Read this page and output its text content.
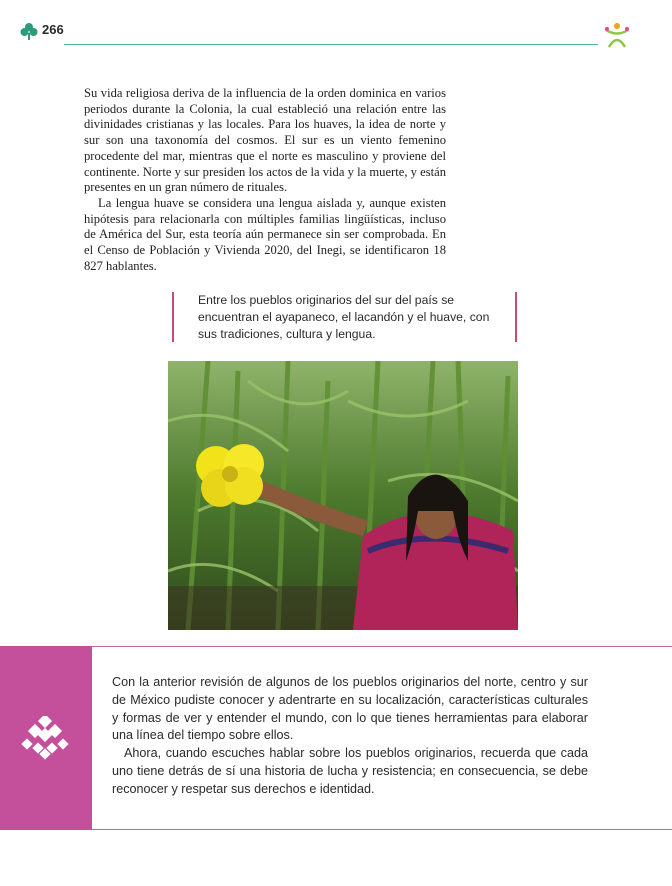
266

Su vida religiosa deriva de la influencia de la orden dominica en varios periodos durante la Colonia, la cual estableció una relación entre las divinidades cristianas y las locales. Para los huaves, la idea de norte y sur son una taxonomía del cosmos. El sur es un viento femenino procedente del mar, mientras que el norte es masculino y proviene del continente. Norte y sur presiden los actos de la vida y la muerte, y están presentes en un gran número de rituales.

La lengua huave se considera una lengua aislada y, aunque existen hipótesis para relacionarla con múltiples familias lingüísticas, incluso de América del Sur, esta teoría aún permanece sin ser comprobada. En el Censo de Población y Vivienda 2020, del Inegi, se identificaron 18 827 hablantes.

Entre los pueblos originarios del sur del país se encuentran el ayapaneco, el lacandón y el huave, con sus tradiciones, cultura y lengua.

Con la anterior revisión de algunos de los pueblos originarios del norte, centro y sur de México pudiste conocer y adentrarte en su localización, características culturales y formas de ver y entender el mundo, con lo que tienes herramientas para elaborar una línea del tiempo sobre ellos.

Ahora, cuando escuches hablar sobre los pueblos originarios, recuerda que cada uno tiene detrás de sí una historia de lucha y resistencia; en consecuencia, se debe reconocer y respetar sus derechos e identidad.
